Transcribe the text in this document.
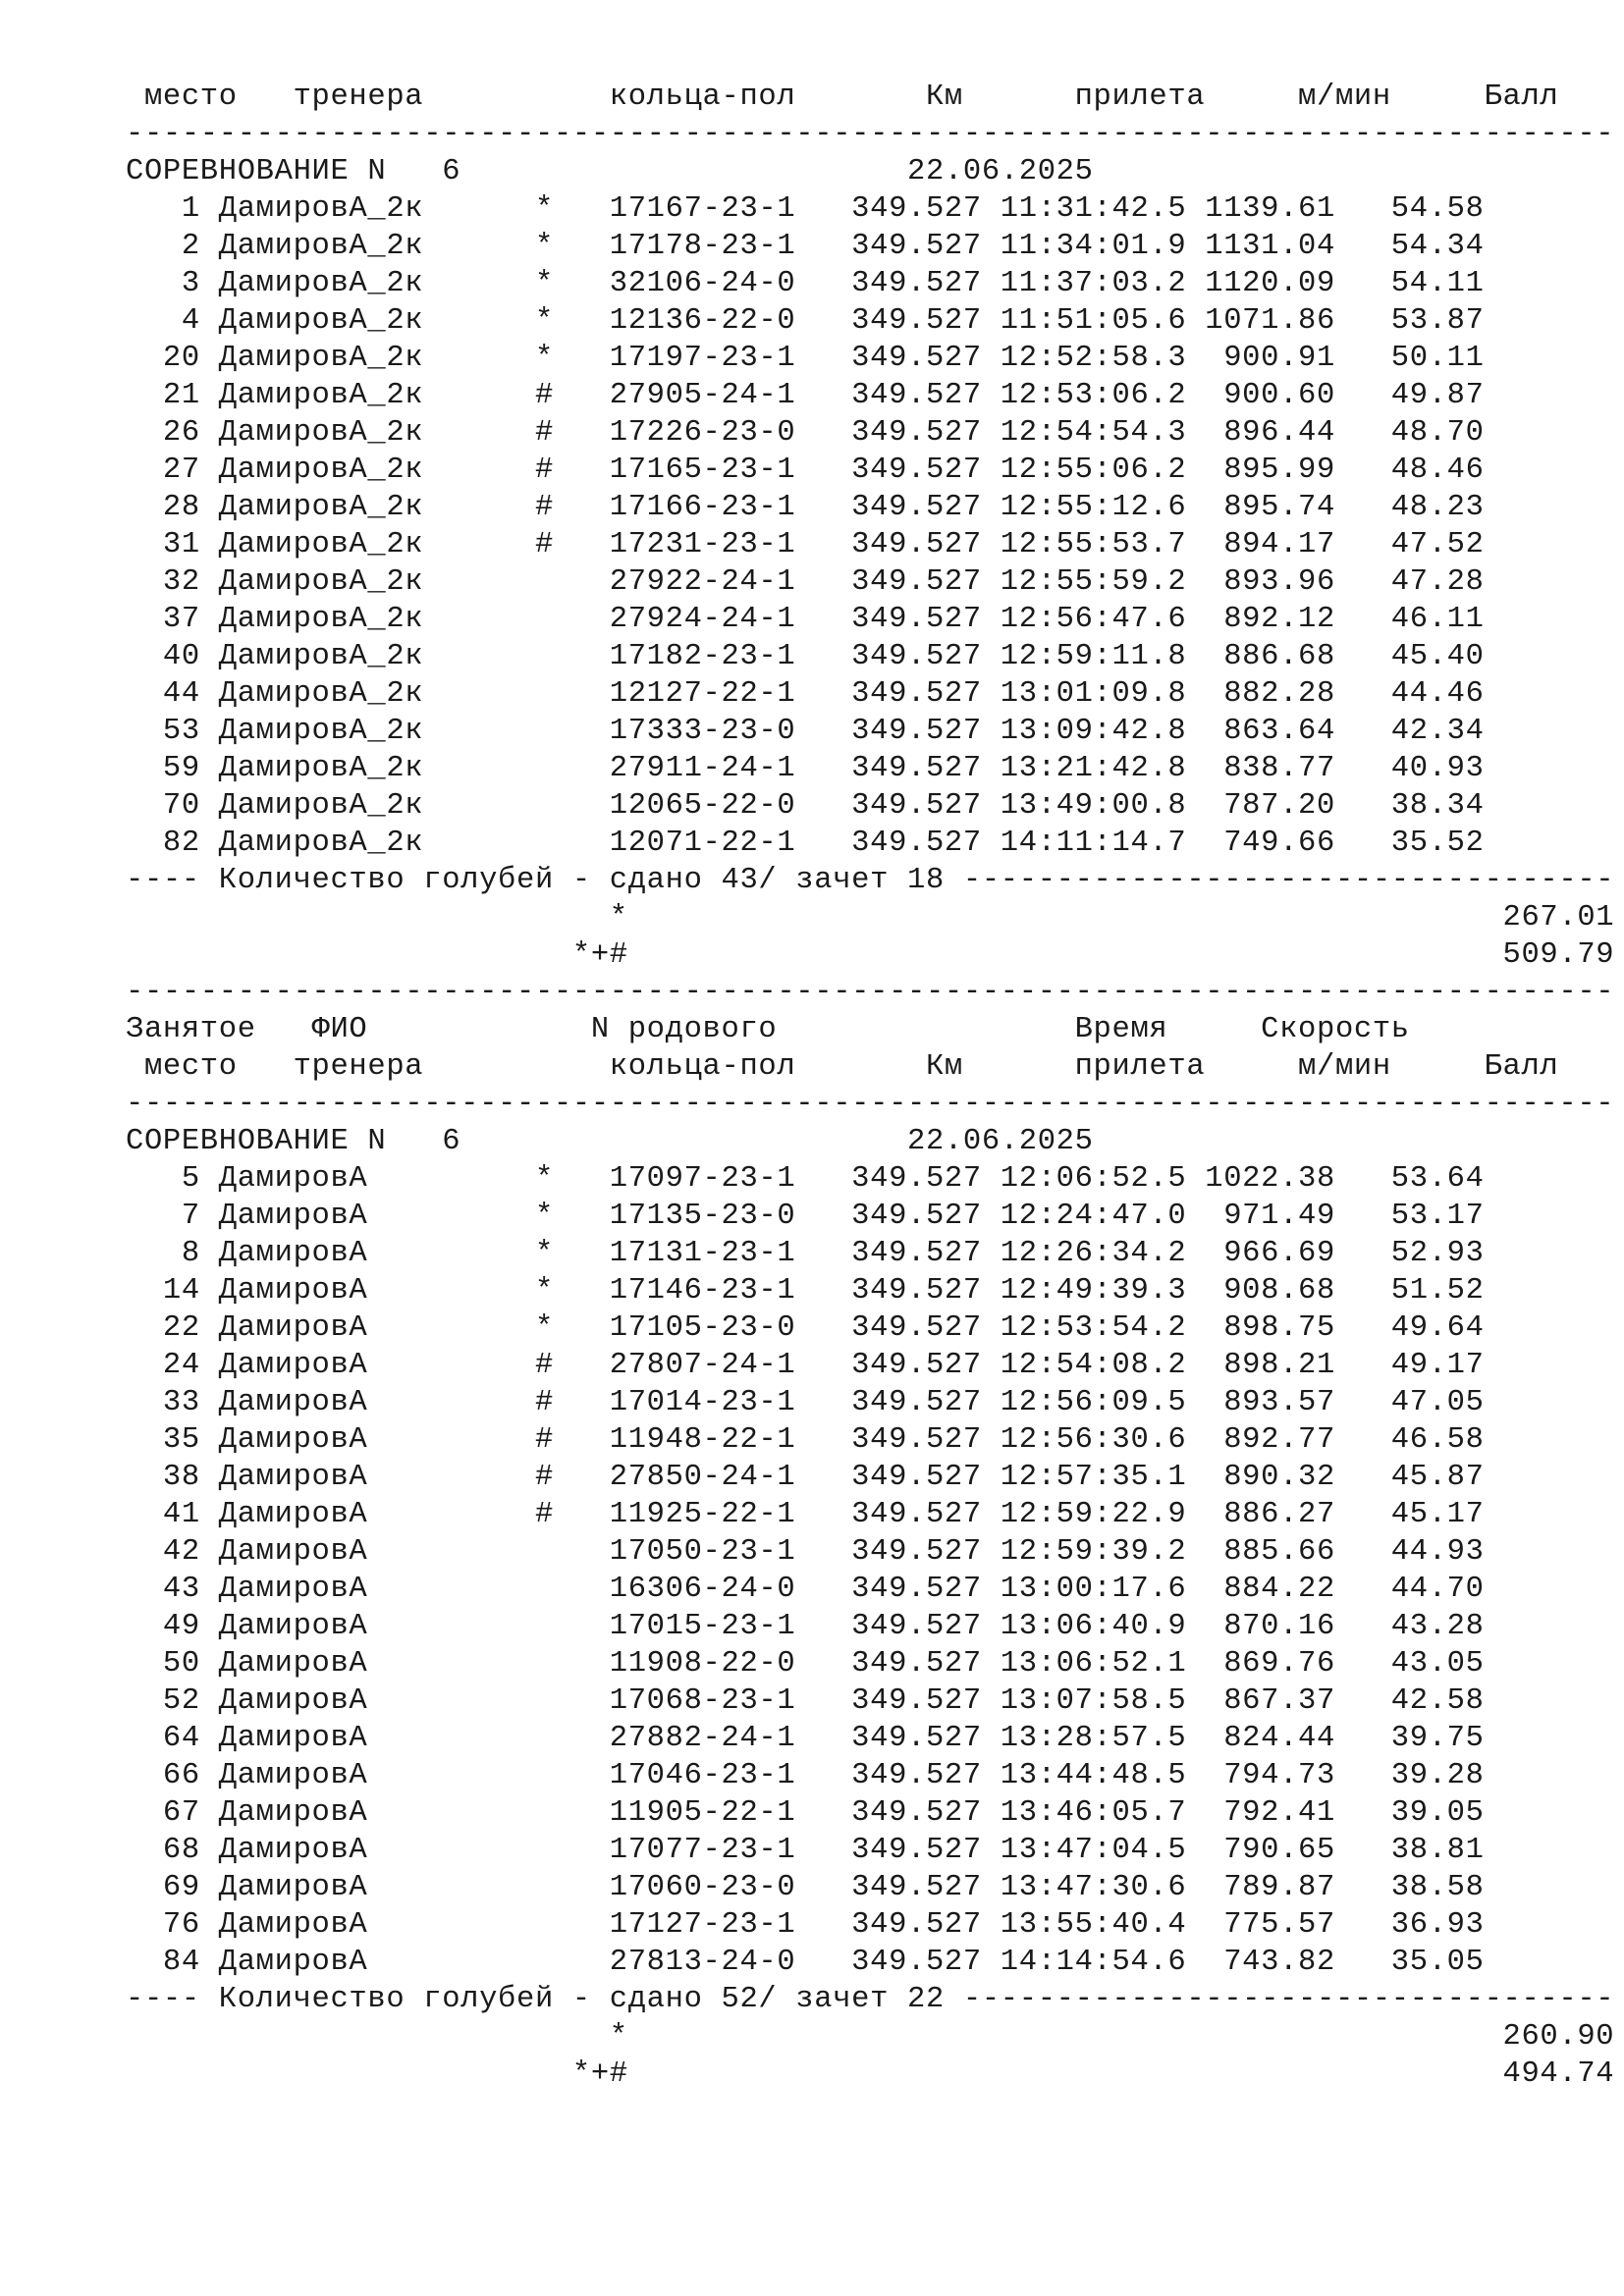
место   тренера          кольца-пол       Км      прилета     м/мин     Балл
--------------------------------------------------------------------------------
СОРЕВНОВАНИЕ N   6	22.06.2025
1 ДамировА_2к      *   17167-23-1   349.527 11:31:42.5 1139.61   54.58
2 ДамировА_2к      *   17178-23-1   349.527 11:34:01.9 1131.04   54.34
3 ДамировА_2к      *   32106-24-0   349.527 11:37:03.2 1120.09   54.11
4 ДамировА_2к      *   12136-22-0   349.527 11:51:05.6 1071.86   53.87
20 ДамировА_2к      *   17197-23-1   349.527 12:52:58.3  900.91   50.11
21 ДамировА_2к      #   27905-24-1   349.527 12:53:06.2  900.60   49.87
26 ДамировА_2к      #   17226-23-0   349.527 12:54:54.3  896.44   48.70
27 ДамировА_2к      #   17165-23-1   349.527 12:55:06.2  895.99   48.46
28 ДамировА_2к      #   17166-23-1   349.527 12:55:12.6  895.74   48.23
31 ДамировА_2к      #   17231-23-1   349.527 12:55:53.7  894.17   47.52
32 ДамировА_2к          27922-24-1   349.527 12:55:59.2  893.96   47.28
37 ДамировА_2к          27924-24-1   349.527 12:56:47.6  892.12   46.11
40 ДамировА_2к          17182-23-1   349.527 12:59:11.8  886.68   45.40
44 ДамировА_2к          12127-22-1   349.527 13:01:09.8  882.28   44.46
53 ДамировА_2к          17333-23-0   349.527 13:09:42.8  863.64   42.34
59 ДамировА_2к          27911-24-1   349.527 13:21:42.8  838.77   40.93
70 ДамировА_2к          12065-22-0   349.527 13:49:00.8  787.20   38.34
82 ДамировА_2к          12071-22-1   349.527 14:11:14.7  749.66   35.52
---- Количество голубей - сдано 43/ зачет 18 -----------------------------------
*	267.01
*+#	509.79
--------------------------------------------------------------------------------
Занятое   ФИО            N родового                Время     Скорость
место   тренера          кольца-пол       Км      прилета     м/мин     Балл
--------------------------------------------------------------------------------
СОРЕВНОВАНИЕ N   6	22.06.2025
5 ДамировА         *   17097-23-1   349.527 12:06:52.5 1022.38   53.64
7 ДамировА         *   17135-23-0   349.527 12:24:47.0  971.49   53.17
8 ДамировА         *   17131-23-1   349.527 12:26:34.2  966.69   52.93
14 ДамировА         *   17146-23-1   349.527 12:49:39.3  908.68   51.52
22 ДамировА         *   17105-23-0   349.527 12:53:54.2  898.75   49.64
24 ДамировА         #   27807-24-1   349.527 12:54:08.2  898.21   49.17
33 ДамировА         #   17014-23-1   349.527 12:56:09.5  893.57   47.05
35 ДамировА         #   11948-22-1   349.527 12:56:30.6  892.77   46.58
38 ДамировА         #   27850-24-1   349.527 12:57:35.1  890.32   45.87
41 ДамировА         #   11925-22-1   349.527 12:59:22.9  886.27   45.17
42 ДамировА             17050-23-1   349.527 12:59:39.2  885.66   44.93
43 ДамировА             16306-24-0   349.527 13:00:17.6  884.22   44.70
49 ДамировА             17015-23-1   349.527 13:06:40.9  870.16   43.28
50 ДамировА             11908-22-0   349.527 13:06:52.1  869.76   43.05
52 ДамировА             17068-23-1   349.527 13:07:58.5  867.37   42.58
64 ДамировА             27882-24-1   349.527 13:28:57.5  824.44   39.75
66 ДамировА             17046-23-1   349.527 13:44:48.5  794.73   39.28
67 ДамировА             11905-22-1   349.527 13:46:05.7  792.41   39.05
68 ДамировА             17077-23-1   349.527 13:47:04.5  790.65   38.81
69 ДамировА             17060-23-0   349.527 13:47:30.6  789.87   38.58
76 ДамировА             17127-23-1   349.527 13:55:40.4  775.57   36.93
84 ДамировА             27813-24-0   349.527 14:14:54.6  743.82   35.05
---- Количество голубей - сдано 52/ зачет 22 -----------------------------------
*	260.90
*+#	494.74
